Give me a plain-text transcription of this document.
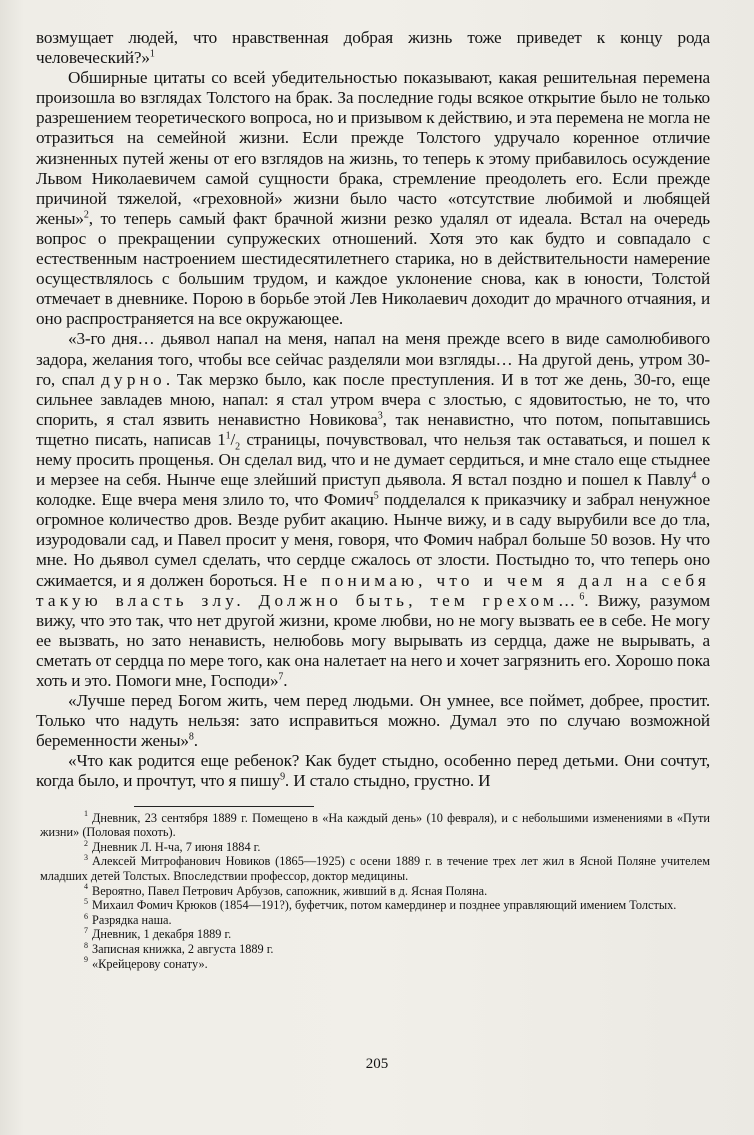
возмущает людей, что нравственная добрая жизнь тоже приведет к концу рода человеческий?»$^1$

Обширные цитаты со всей убедительностью показывают, какая решительная перемена произошла во взглядах Толстого на брак. За последние годы всякое открытие было не только разрешением теоретического вопроса, но и призывом к действию, и эта перемена не могла не отразиться на семейной жизни. Если прежде Толстого удручало коренное отличие жизненных путей жены от его взглядов на жизнь, то теперь к этому прибавилось осуждение Львом Николаевичем самой сущности брака, стремление преодолеть его. Если прежде причиной тяжелой, «греховной» жизни было часто «отсутствие любимой и любящей жены»$^2$, то теперь самый факт брачной жизни резко удалял от идеала. Встал на очередь вопрос о прекращении супружеских отношений. Хотя это как будто и совпадало с естественным настроением шестидесятилетнего старика, но в действительности намерение осуществлялось с большим трудом, и каждое уклонение снова, как в юности, Толстой отмечает в дневнике. Порою в борьбе этой Лев Николаевич доходит до мрачного отчаяния, и оно распространяется на все окружающее.

«3-го дня… дьявол напал на меня, напал на меня прежде всего в виде самолюбивого задора, желания того, чтобы все сейчас разделяли мои взгляды… На другой день, утром 30-го, спал дурно. Так мерзко было, как после преступления. И в тот же день, 30-го, еще сильнее завладев мною, напал: я стал утром вчера с злостью, с ядовитостью, не то, что спорить, я стал язвить ненавистно Новикова$^3$, так ненавистно, что потом, попытавшись тщетно писать, написав $1^1/_2$ страницы, почувствовал, что нельзя так оставаться, и пошел к нему просить прощенья. Он сделал вид, что и не думает сердиться, и мне стало еще стыднее и мерзее на себя. Нынче еще злейший приступ дьявола. Я встал поздно и пошел к Павлу$^4$ о колодке. Еще вчера меня злило то, что Фомич$^5$ подделался к приказчику и забрал ненужное огромное количество дров. Везде рубит акацию. Нынче вижу, и в саду вырубили все до тла, изуродовали сад, и Павел просит у меня, говоря, что Фомич набрал больше 50 возов. Ну что мне. Но дьявол сумел сделать, что сердце сжалось от злости. Постыдно то, что теперь оно сжимается, и я должен бороться. Не понимаю, что и чем я дал на себя такую власть злу. Должно быть, тем грехом…$^6$. Вижу, разумом вижу, что это так, что нет другой жизни, кроме любви, но не могу вызвать ее в себе. Не могу ее вызвать, но зато ненависть, нелюбовь могу вырывать из сердца, даже не вырывать, а сметать от сердца по мере того, как она налетает на него и хочет загрязнить его. Хорошо пока хоть и это. Помоги мне, Господи»$^7$.

«Лучше перед Богом жить, чем перед людьми. Он умнее, все поймет, добрее, простит. Только что надуть нельзя: зато исправиться можно. Думал это по случаю возможной беременности жены»$^8$.

«Что как родится еще ребенок? Как будет стыдно, особенно перед детьми. Они сочтут, когда было, и прочтут, что я пишу$^9$. И стало стыдно, грустно. И

$^1$ Дневник, 23 сентября 1889 г. Помещено в «На каждый день» (10 февраля), и с небольшими изменениями в «Пути жизни» (Половая похоть).

$^2$ Дневник Л. Н-ча, 7 июня 1884 г.

$^3$ Алексей Митрофанович Новиков (1865—1925) с осени 1889 г. в течение трех лет жил в Ясной Поляне учителем младших детей Толстых. Впоследствии профессор, доктор медицины.

$^4$ Вероятно, Павел Петрович Арбузов, сапожник, живший в д. Ясная Поляна.

$^5$ Михаил Фомич Крюков (1854—191?), буфетчик, потом камердинер и позднее управляющий имением Толстых.

$^6$ Разрядка наша.

$^7$ Дневник, 1 декабря 1889 г.

$^8$ Записная книжка, 2 августа 1889 г.

$^9$ «Крейцерову сонату».

205
